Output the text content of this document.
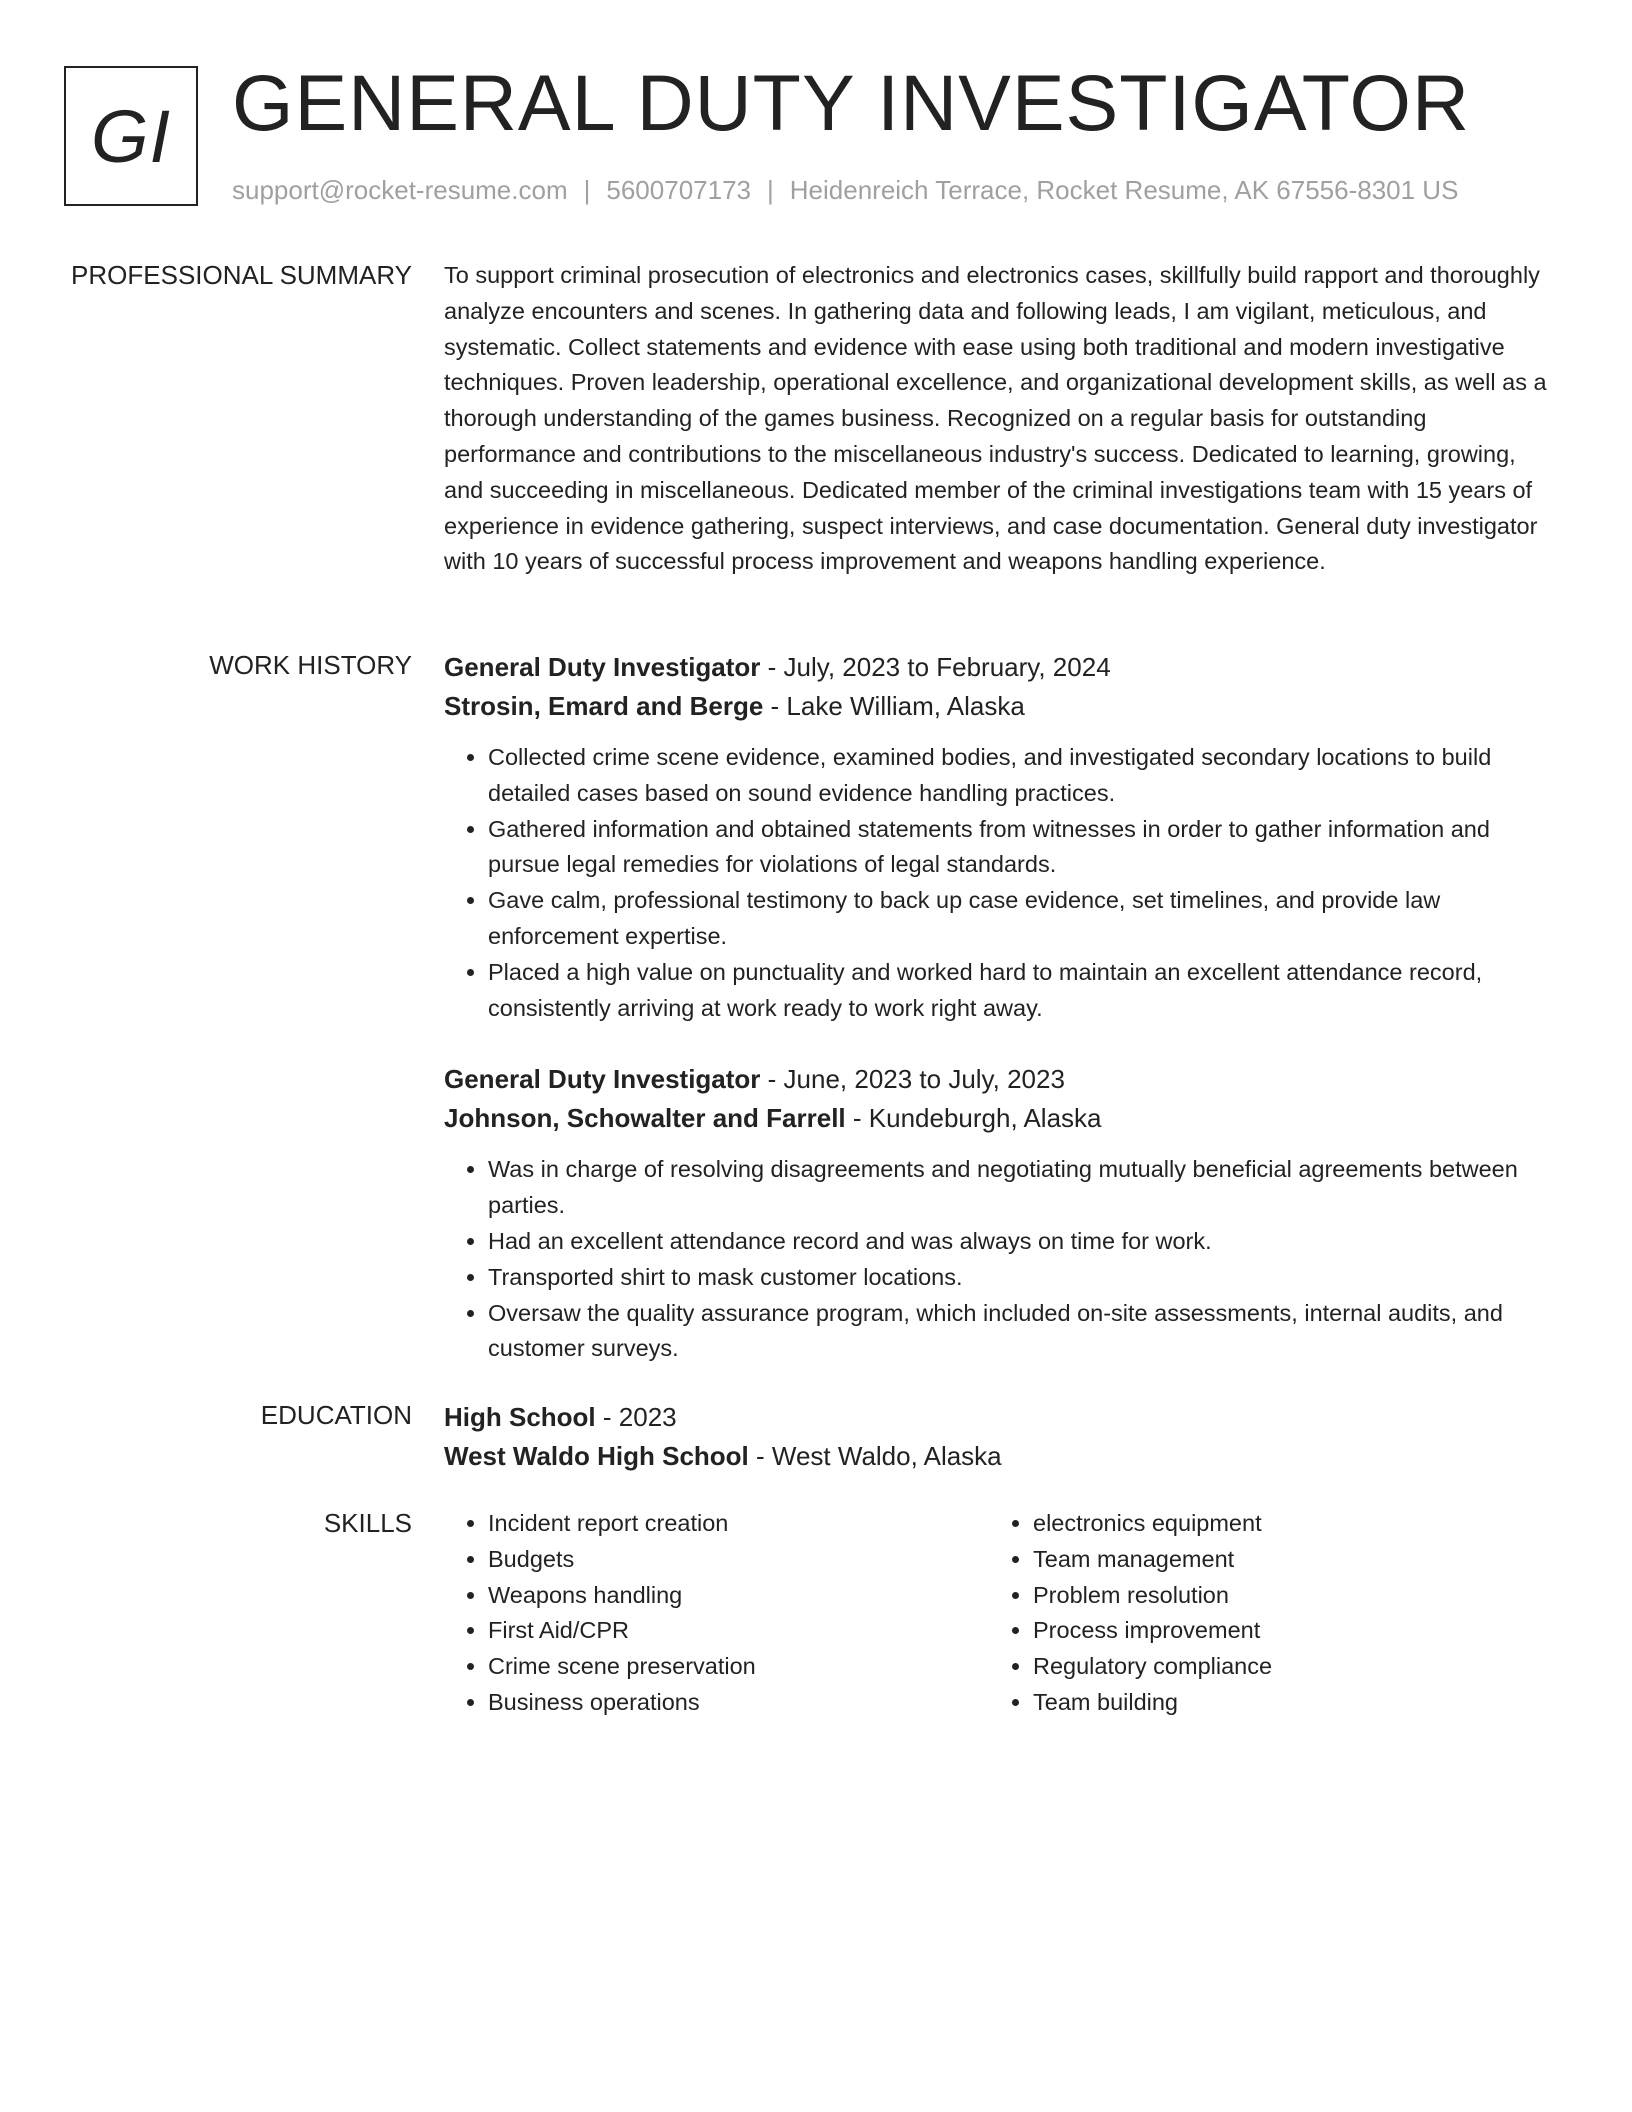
GI GENERAL DUTY INVESTIGATOR
support@rocket-resume.com | 5600707173 | Heidenreich Terrace, Rocket Resume, AK 67556-8301 US
PROFESSIONAL SUMMARY To support criminal prosecution of electronics and electronics cases, skillfully build rapport and thoroughly analyze encounters and scenes. In gathering data and following leads, I am vigilant, meticulous, and systematic. Collect statements and evidence with ease using both traditional and modern investigative techniques. Proven leadership, operational excellence, and organizational development skills, as well as a thorough understanding of the games business. Recognized on a regular basis for outstanding performance and contributions to the miscellaneous industry's success. Dedicated to learning, growing, and succeeding in miscellaneous. Dedicated member of the criminal investigations team with 15 years of experience in evidence gathering, suspect interviews, and case documentation. General duty investigator with 10 years of successful process improvement and weapons handling experience.

WORK HISTORY General Duty Investigator - July, 2023 to February, 2024

Strosin, Emard and Berge - Lake William, Alaska

• Collected crime scene evidence, examined bodies, and investigated secondary locations to build detailed cases based on sound evidence handling practices.
• Gathered information and obtained statements from witnesses in order to gather information and pursue legal remedies for violations of legal standards.
• Gave calm, professional testimony to back up case evidence, set timelines, and provide law enforcement expertise.
• Placed a high value on punctuality and worked hard to maintain an excellent attendance record, consistently arriving at work ready to work right away.

General Duty Investigator - June, 2023 to July, 2023

Johnson, Schowalter and Farrell - Kundeburgh, Alaska

• Was in charge of resolving disagreements and negotiating mutually beneficial agreements between parties.
• Had an excellent attendance record and was always on time for work.
• Transported shirt to mask customer locations.
• Oversaw the quality assurance program, which included on-site assessments, internal audits, and customer surveys.
EDUCATION High School - 2023

West Waldo High School - West Waldo, Alaska

SKILLS
•	Incident report creation
• Budgets
• Weapons handling
• First Aid/CPR
• Crime scene preservation
• Business operations
• electronics equipment
• Team management
• Problem resolution
• Process improvement
• Regulatory compliance
• Team building
